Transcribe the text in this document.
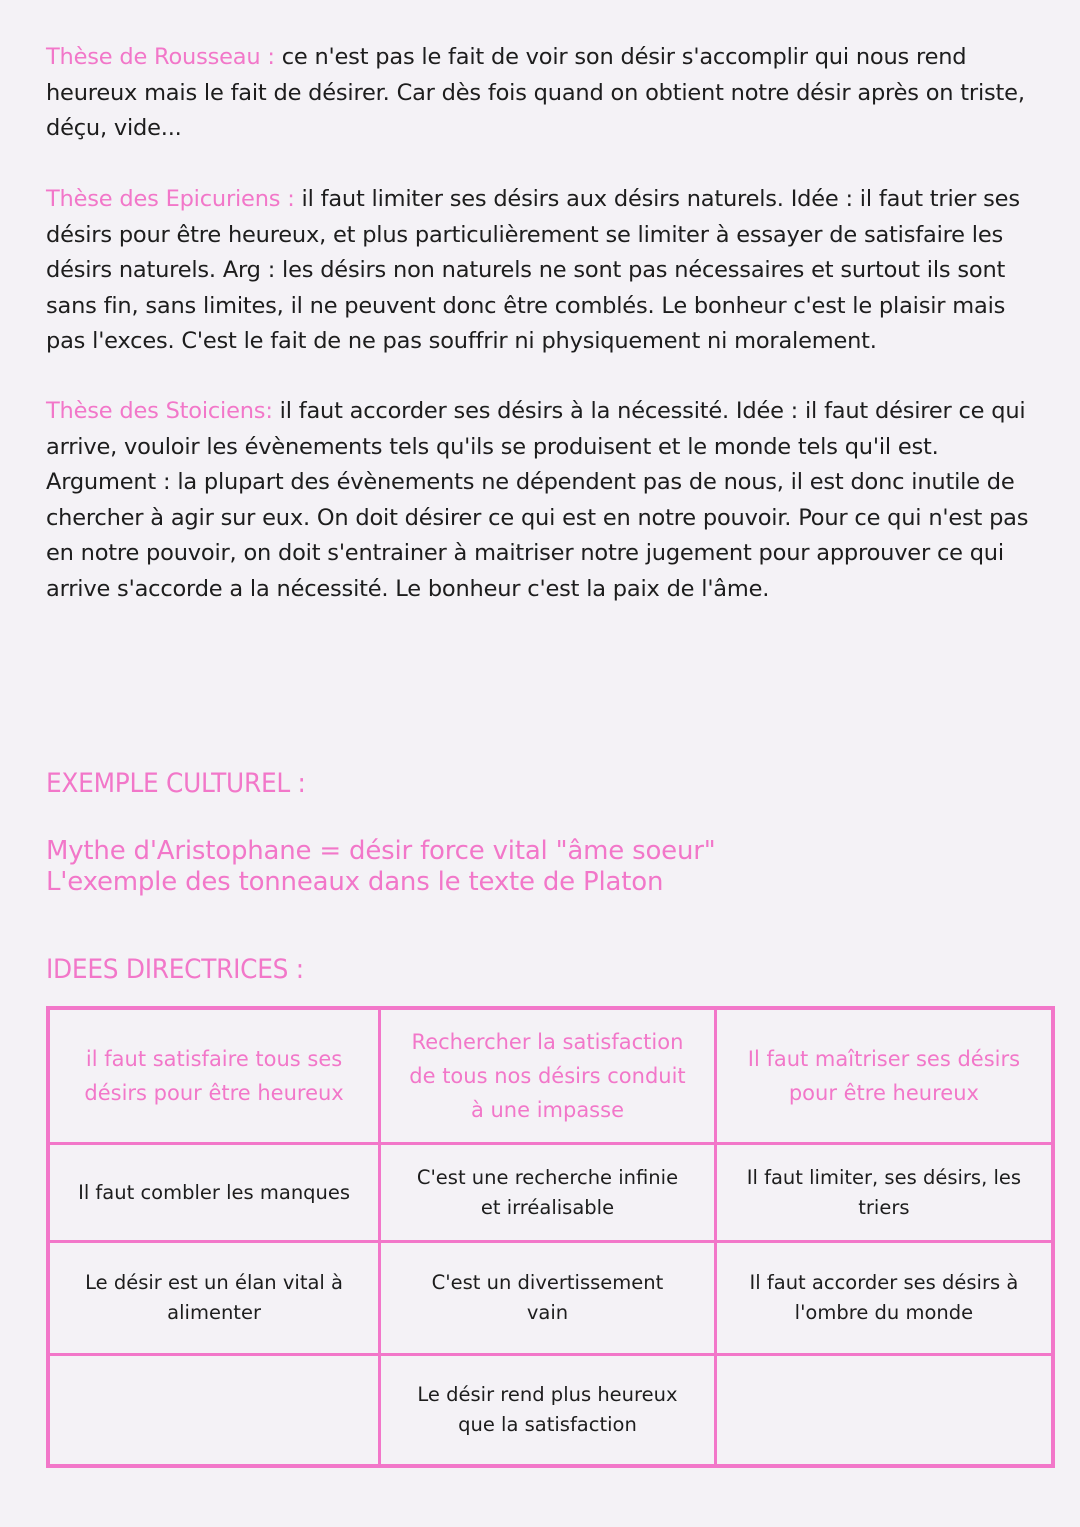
Thèse de Rousseau : ce n'est pas le fait de voir son désir s'accomplir qui nous rend heureux mais le fait de désirer. Car dès fois quand on obtient notre désir après on triste, déçu, vide...

Thèse des Epicuriens : il faut limiter ses désirs aux désirs naturels. Idée : il faut trier ses désirs pour être heureux, et plus particulièrement se limiter à essayer de satisfaire les désirs naturels. Arg : les désirs non naturels ne sont pas nécessaires et surtout ils sont sans fin, sans limites, il ne peuvent donc être comblés. Le bonheur c'est le plaisir mais pas l'exces. C'est le fait de ne pas souffrir ni physiquement ni moralement.

Thèse des Stoiciens: il faut accorder ses désirs à la nécessité. Idée : il faut désirer ce qui arrive, vouloir les évènements tels qu'ils se produisent et le monde tels qu'il est. Argument : la plupart des évènements ne dépendent pas de nous, il est donc inutile de chercher à agir sur eux. On doit désirer ce qui est en notre pouvoir. Pour ce qui n'est pas en notre pouvoir, on doit s'entrainer à maitriser notre jugement pour approuver ce qui arrive s'accorde a la nécessité. Le bonheur c'est la paix de l'âme.

EXEMPLE CULTUREL :
Mythe d'Aristophane = désir force vital "âme soeur"
L'exemple des tonneaux dans le texte de Platon
IDEES DIRECTRICES :
il faut satisfaire tous ses désirs pour être heureux	Rechercher la satisfaction de tous nos désirs conduit à une impasse	Il faut maîtriser ses désirs pour être heureux
Il faut combler les manques	C'est une recherche infinie et irréalisable	Il faut limiter, ses désirs, les triers
Le désir est un élan vital à alimenter	C'est un divertissement vain	Il faut accorder ses désirs à l'ombre du monde
	Le désir rend plus heureux que la satisfaction	
